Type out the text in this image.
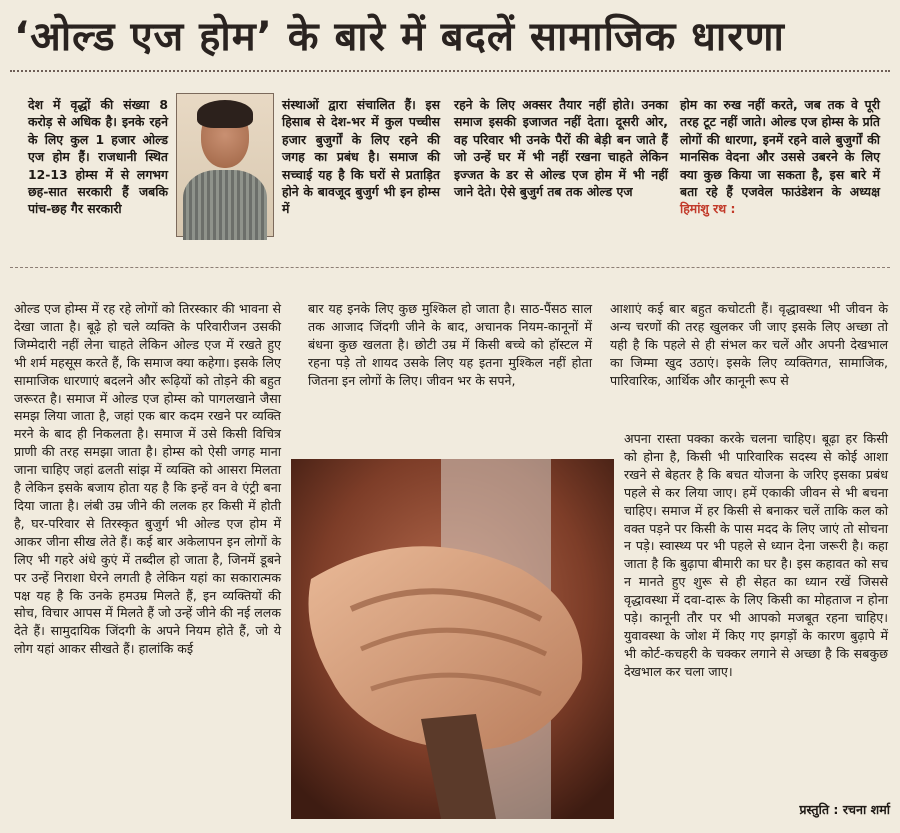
‘ओल्ड एज होम’ के बारे में बदलें सामाजिक धारणा
देश में वृद्धों की संख्या 8 करोड़ से अधिक है। इनके रहने के लिए कुल 1 हजार ओल्ड एज होम हैं। राजधानी स्थित 12-13 होम्स में से लगभग छह-सात सरकारी हैं जबकि पांच-छह गैर सरकारी
संस्थाओं द्वारा संचालित हैं। इस हिसाब से देश-भर में कुल पच्चीस हजार बुजुर्गों के लिए रहने की जगह का प्रबंध है। समाज की सच्चाई यह है कि घरों से प्रताड़ित होने के बावजूद बुजुर्ग भी इन होम्स में
रहने के लिए अक्सर तैयार नहीं होते। उनका समाज इसकी इजाजत नहीं देता। दूसरी ओर, वह परिवार भी उनके पैरों की बेड़ी बन जाते हैं जो उन्हें घर में भी नहीं रखना चाहते लेकिन इज्जत के डर से ओल्ड एज होम में भी नहीं जाने देते। ऐसे बुजुर्ग तब तक ओल्ड एज
होम का रुख नहीं करते, जब तक वे पूरी तरह टूट नहीं जाते। ओल्ड एज होम्स के प्रति लोगों की धारणा, इनमें रहने वाले बुजुर्गों की मानसिक वेदना और उससे उबरने के लिए क्या कुछ किया जा सकता है, इस बारे में बता रहे हैं एजवेल फाउंडेशन के अध्यक्ष हिमांशु रथ :
ओल्ड एज होम्स में रह रहे लोगों को तिरस्कार की भावना से देखा जाता है। बूढ़े हो चले व्यक्ति के परिवारीजन उसकी जिम्मेदारी नहीं लेना चाहते लेकिन ओल्ड एज में रखते हुए भी शर्म महसूस करते हैं, कि समाज क्या कहेगा। इसके लिए सामाजिक धारणाएं बदलने और रूढ़ियों को तोड़ने की बहुत जरूरत है। समाज में ओल्ड एज होम्स को पागलखाने जैसा समझ लिया जाता है, जहां एक बार कदम रखने पर व्यक्ति मरने के बाद ही निकलता है। समाज में उसे किसी विचित्र प्राणी की तरह समझा जाता है। होम्स को ऐसी जगह माना जाना चाहिए जहां ढलती सांझ में व्यक्ति को आसरा मिलता है लेकिन इसके बजाय होता यह है कि इन्हें वन वे एंट्री बना दिया जाता है। लंबी उम्र जीने की ललक हर किसी में होती है, घर-परिवार से तिरस्कृत बुजुर्ग भी ओल्ड एज होम में आकर जीना सीख लेते हैं। कई बार अकेलापन इन लोगों के लिए भी गहरे अंधे कुएं में तब्दील हो जाता है, जिनमें डूबने पर उन्हें निराशा घेरने लगती है लेकिन यहां का सकारात्मक पक्ष यह है कि उनके हमउम्र मिलते हैं, इन व्यक्तियों की सोच, विचार आपस में मिलते हैं जो उन्हें जीने की नई ललक देते हैं। सामुदायिक जिंदगी के अपने नियम होते हैं, जो ये लोग यहां आकर सीखते हैं। हालांकि कई
बार यह इनके लिए कुछ मुश्किल हो जाता है। साठ-पैंसठ साल तक आजाद जिंदगी जीने के बाद, अचानक नियम-कानूनों में बंधना कुछ खलता है। छोटी उम्र में किसी बच्चे को हॉस्टल में रहना पड़े तो शायद उसके लिए यह इतना मुश्किल नहीं होता जितना इन लोगों के लिए। जीवन भर के सपने,
आशाएं कई बार बहुत कचोटती हैं। वृद्धावस्था भी जीवन के अन्य चरणों की तरह खुलकर जी जाए इसके लिए अच्छा तो यही है कि पहले से ही संभल कर चलें और अपनी देखभाल का जिम्मा खुद उठाएं। इसके लिए व्यक्तिगत, सामाजिक, पारिवारिक, आर्थिक और कानूनी रूप से
अपना रास्ता पक्का करके चलना चाहिए। बूढ़ा हर किसी को होना है, किसी भी पारिवारिक सदस्य से कोई आशा रखने से बेहतर है कि बचत योजना के जरिए इसका प्रबंध पहले से कर लिया जाए। हमें एकाकी जीवन से भी बचना चाहिए। समाज में हर किसी से बनाकर चलें ताकि कल को वक्त पड़ने पर किसी के पास मदद के लिए जाएं तो सोचना न पड़े। स्वास्थ्य पर भी पहले से ध्यान देना जरूरी है। कहा जाता है कि बुढ़ापा बीमारी का घर है। इस कहावत को सच न मानते हुए शुरू से ही सेहत का ध्यान रखें जिससे वृद्धावस्था में दवा-दारू के लिए किसी का मोहताज न होना पड़े। कानूनी तौर पर भी आपको मजबूत रहना चाहिए। युवावस्था के जोश में किए गए झगड़ों के कारण बुढ़ापे में भी कोर्ट-कचहरी के चक्कर लगाने से अच्छा है कि सबकुछ देखभाल कर चला जाए।
प्रस्तुति : रचना शर्मा
